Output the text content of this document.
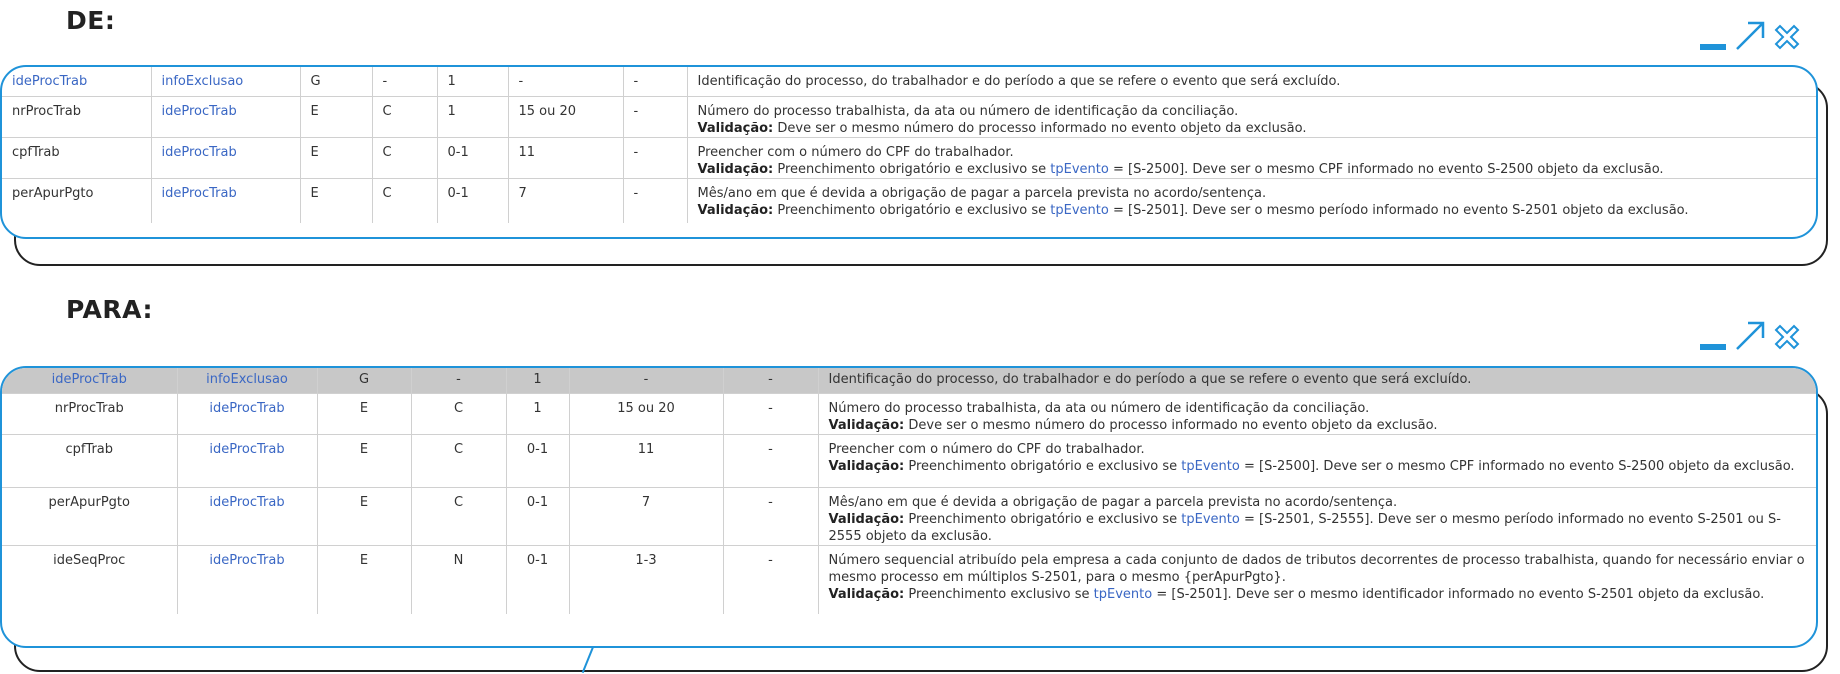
DE:
ideProcTrab	infoExclusao	G	-	1	-	-	Identificação do processo, do trabalhador e do período a que se refere o evento que será excluído.
nrProcTrab	ideProcTrab	E	C	1	15 ou 20	-	Número do processo trabalhista, da ata ou número de identificação da conciliação.
Validação: Deve ser o mesmo número do processo informado no evento objeto da exclusão.
cpfTrab	ideProcTrab	E	C	0-1	11	-	Preencher com o número do CPF do trabalhador.
Validação: Preenchimento obrigatório e exclusivo se tpEvento = [S-2500]. Deve ser o mesmo CPF informado no evento S-2500 objeto da exclusão.
perApurPgto	ideProcTrab	E	C	0-1	7	-	Mês/ano em que é devida a obrigação de pagar a parcela prevista no acordo/sentença.
Validação: Preenchimento obrigatório e exclusivo se tpEvento = [S-2501]. Deve ser o mesmo período informado no evento S-2501 objeto da exclusão.
PARA:
ideProcTrab	infoExclusao	G	-	1	-	-	Identificação do processo, do trabalhador e do período a que se refere o evento que será excluído.
nrProcTrab	ideProcTrab	E	C	1	15 ou 20	-	Número do processo trabalhista, da ata ou número de identificação da conciliação.
Validação: Deve ser o mesmo número do processo informado no evento objeto da exclusão.
cpfTrab	ideProcTrab	E	C	0-1	11	-	Preencher com o número do CPF do trabalhador.
Validação: Preenchimento obrigatório e exclusivo se tpEvento = [S-2500]. Deve ser o mesmo CPF informado no evento S-2500 objeto da exclusão.
perApurPgto	ideProcTrab	E	C	0-1	7	-	Mês/ano em que é devida a obrigação de pagar a parcela prevista no acordo/sentença.
Validação: Preenchimento obrigatório e exclusivo se tpEvento = [S-2501, S-2555]. Deve ser o mesmo período informado no evento S-2501 ou S-2555 objeto da exclusão.
ideSeqProc	ideProcTrab	E	N	0-1	1-3	-	Número sequencial atribuído pela empresa a cada conjunto de dados de tributos decorrentes de processo trabalhista, quando for necessário enviar o mesmo processo em múltiplos S-2501, para o mesmo {perApurPgto}.
Validação: Preenchimento exclusivo se tpEvento = [S-2501]. Deve ser o mesmo identificador informado no evento S-2501 objeto da exclusão.
